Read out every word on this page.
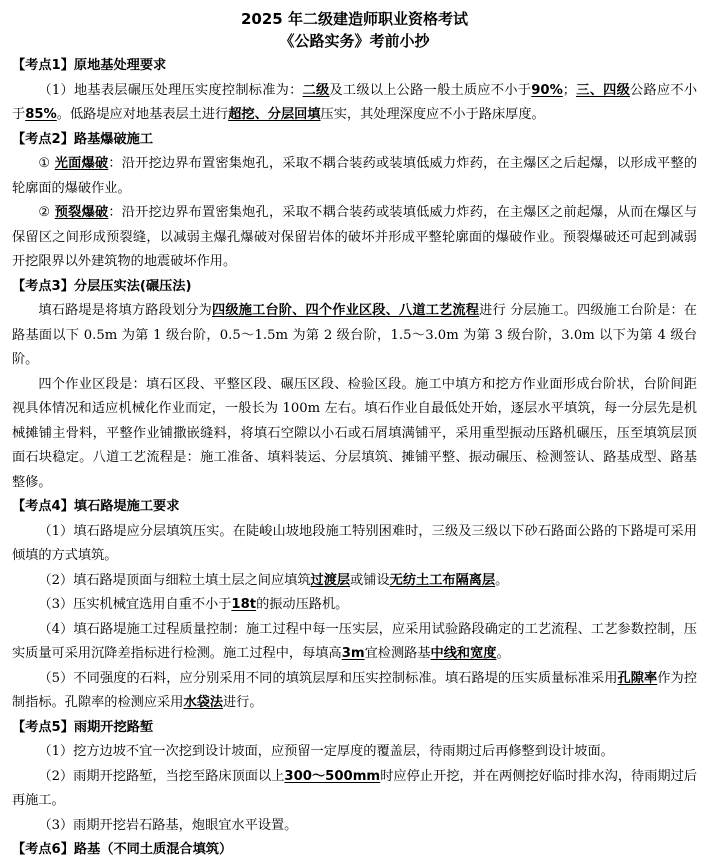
2025 年二级建造师职业资格考试
《公路实务》考前小抄
【考点1】原地基处理要求

（1）地基表层碾压处理压实度控制标准为：二级及工级以上公路一般土质应不小于90%；三、四级公路应不小于85%。低路堤应对地基表层土进行超挖、分层回填压实，其处理深度应不小于路床厚度。

【考点2】路基爆破施工

① 光面爆破：沿开挖边界布置密集炮孔，采取不耦合装药或装填低威力炸药，在主爆区之后起爆，以形成平整的轮廓面的爆破作业。

② 预裂爆破：沿开挖边界布置密集炮孔，采取不耦合装药或装填低威力炸药，在主爆区之前起爆，从而在爆区与保留区之间形成预裂缝，以减弱主爆孔爆破对保留岩体的破坏并形成平整轮廓面的爆破作业。预裂爆破还可起到减弱开挖限界以外建筑物的地震破坏作用。

【考点3】分层压实法(碾压法)

填石路堤是将填方路段划分为四级施工台阶、四个作业区段、八道工艺流程进行 分层施工。四级施工台阶是：在路基面以下 0.5m 为第 1 级台阶，0.5～1.5m 为第 2 级台阶，1.5～3.0m 为第 3 级台阶，3.0m 以下为第 4 级台阶。

四个作业区段是：填石区段、平整区段、碾压区段、检验区段。施工中填方和挖方作业面形成台阶状，台阶间距视具体情况和适应机械化作业而定，一般长为 100m 左右。填石作业自最低处开始，逐层水平填筑，每一分层先是机械摊铺主骨料，平整作业铺撒嵌缝料，将填石空隙以小石或石屑填满铺平，采用重型振动压路机碾压，压至填筑层顶面石块稳定。八道工艺流程是：施工准备、填料装运、分层填筑、摊铺平整、振动碾压、检测签认、路基成型、路基整修。

【考点4】填石路堤施工要求

（1）填石路堤应分层填筑压实。在陡峻山坡地段施工特别困难时，三级及三级以下砂石路面公路的下路堤可采用倾填的方式填筑。

（2）填石路堤顶面与细粒土填土层之间应填筑过渡层或铺设无纺土工布隔离层。

（3）压实机械宜选用自重不小于18t的振动压路机。

（4）填石路堤施工过程质量控制：施工过程中每一压实层，应采用试验路段确定的工艺流程、工艺参数控制，压实质量可采用沉降差指标进行检测。施工过程中，每填高3m宜检测路基中线和宽度。

（5）不同强度的石料，应分别采用不同的填筑层厚和压实控制标准。填石路堤的压实质量标准采用孔隙率作为控制指标。孔隙率的检测应采用水袋法进行。

【考点5】雨期开挖路堑

（1）挖方边坡不宜一次挖到设计坡面，应预留一定厚度的覆盖层，待雨期过后再修整到设计坡面。

（2）雨期开挖路堑，当挖至路床顶面以上300～500mm时应停止开挖，并在两侧挖好临时排水沟，待雨期过后再施工。

（3）雨期开挖岩石路基，炮眼宜水平设置。

【考点6】路基（不同土质混合填筑）
